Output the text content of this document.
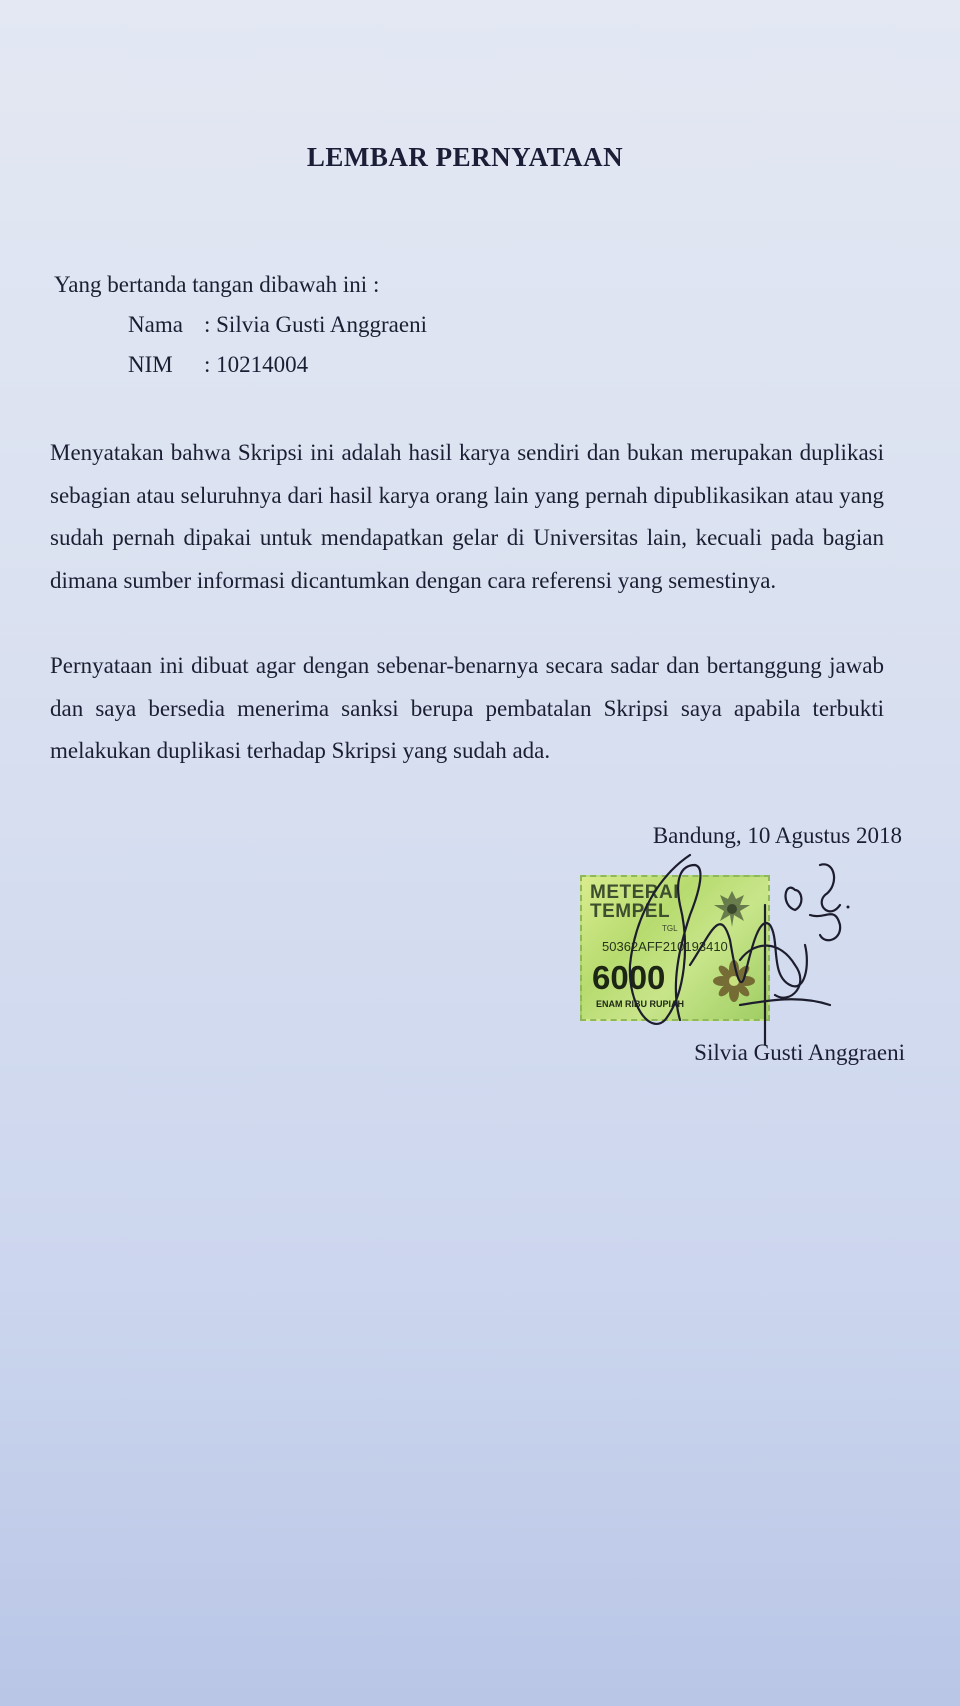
LEMBAR PERNYATAAN
Yang bertanda tangan dibawah ini :
Nama : Silvia Gusti Anggraeni
NIM	: 10214004
Menyatakan bahwa Skripsi ini adalah hasil karya sendiri dan bukan merupakan duplikasi sebagian atau seluruhnya dari hasil karya orang lain yang pernah dipublikasikan atau yang sudah pernah dipakai untuk mendapatkan gelar di Universitas lain, kecuali pada bagian dimana sumber informasi dicantumkan dengan cara referensi yang semestinya.
Pernyataan ini dibuat agar dengan sebenar-benarnya secara sadar dan bertanggung jawab dan saya bersedia menerima sanksi berupa pembatalan Skripsi saya apabila terbukti melakukan duplikasi terhadap Skripsi yang sudah ada.
Bandung, 10 Agustus 2018
METERAI
TEMPEL
TGL
50362AFF210193410
6000
ENAM RIBU RUPIAH
Silvia Gusti Anggraeni
